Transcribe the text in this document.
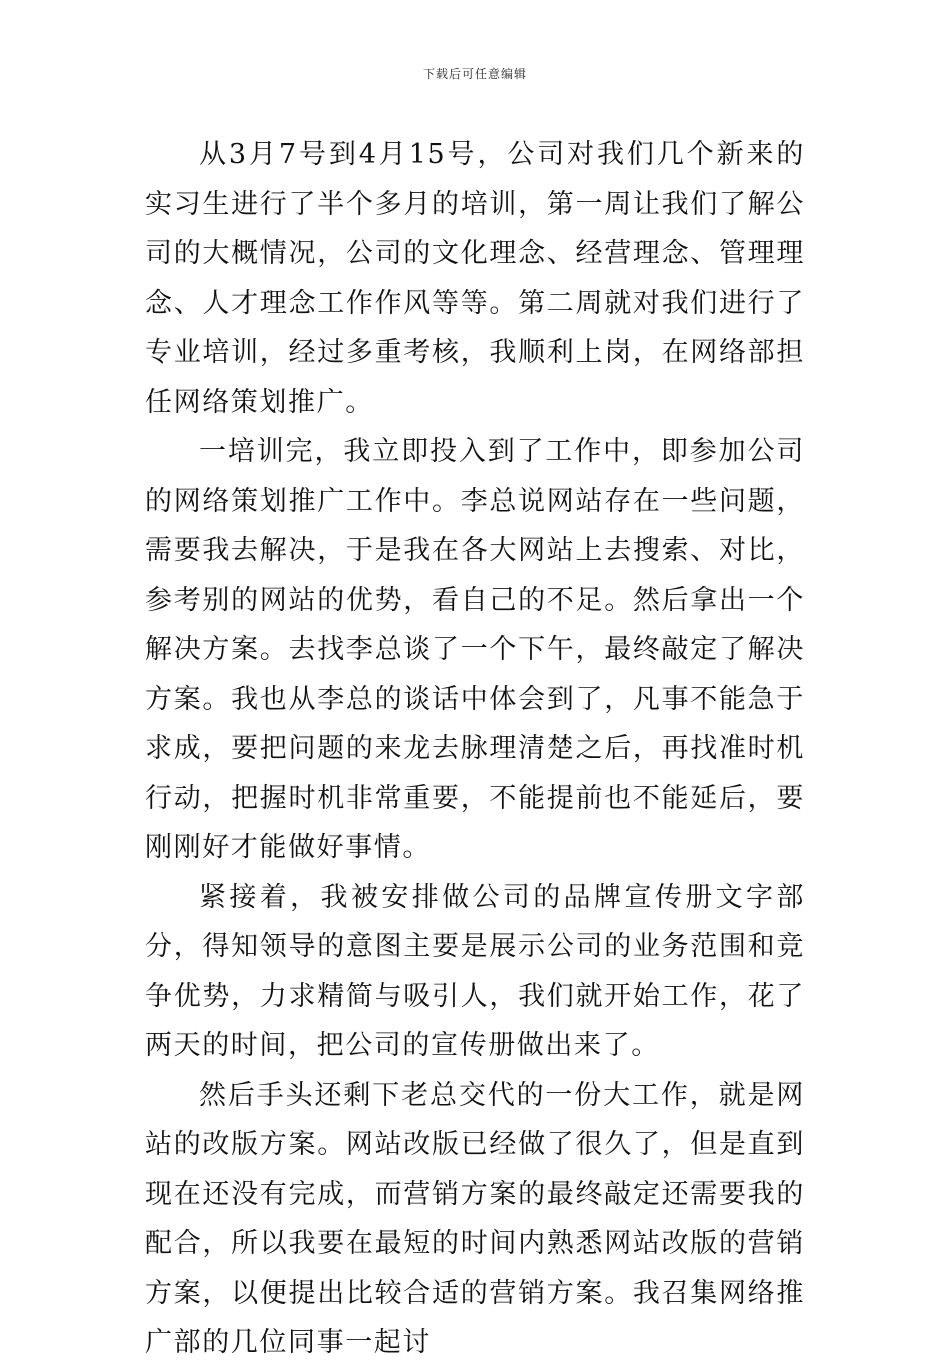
下载后可任意编辑

从3月7号到4月15号，公司对我们几个新来的实习生进行了半个多月的培训，第一周让我们了解公司的大概情况，公司的文化理念、经营理念、管理理念、人才理念工作作风等等。第二周就对我们进行了专业培训，经过多重考核，我顺利上岗，在网络部担任网络策划推广。

一培训完，我立即投入到了工作中，即参加公司的网络策划推广工作中。李总说网站存在一些问题，需要我去解决，于是我在各大网站上去搜索、对比，参考别的网站的优势，看自己的不足。然后拿出一个解决方案。去找李总谈了一个下午，最终敲定了解决方案。我也从李总的谈话中体会到了，凡事不能急于求成，要把问题的来龙去脉理清楚之后，再找准时机行动，把握时机非常重要，不能提前也不能延后，要刚刚好才能做好事情。

紧接着，我被安排做公司的品牌宣传册文字部分，得知领导的意图主要是展示公司的业务范围和竞争优势，力求精简与吸引人，我们就开始工作，花了两天的时间，把公司的宣传册做出来了。

然后手头还剩下老总交代的一份大工作，就是网站的改版方案。网站改版已经做了很久了，但是直到现在还没有完成，而营销方案的最终敲定还需要我的配合，所以我要在最短的时间内熟悉网站改版的营销方案，以便提出比较合适的营销方案。我召集网络推广部的几位同事一起讨
